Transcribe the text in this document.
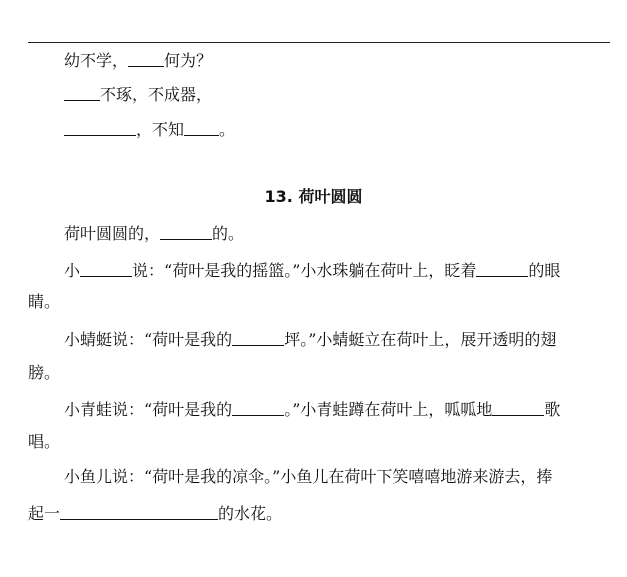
幼不学， 何为？
不琢，不成器，
，不知 。
13. 荷叶圆圆
荷叶圆圆的，	的。
小	说：“荷叶是我的摇篮。”小水珠躺在荷叶上，眨着	的眼
睛。
小蜻蜓说：“荷叶是我的	坪。”小蜻蜓立在荷叶上，展开透明的翅
膀。
小青蛙说：“荷叶是我的	。”小青蛙蹲在荷叶上，呱呱地	歌
唱。
小鱼儿说：“荷叶是我的凉伞。”小鱼儿在荷叶下笑嘻嘻地游来游去，捧
起一	的水花。
